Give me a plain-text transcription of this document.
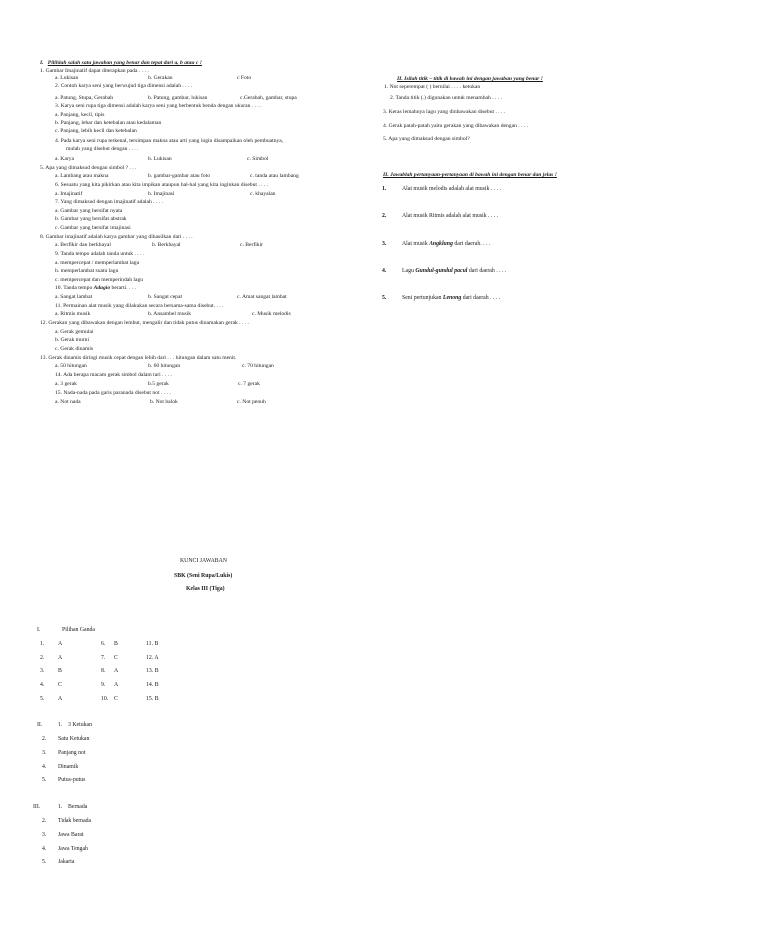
I. Pilihlah salah satu jawaban yang benar dan tepat dari a, b atau c !
1. Gambar Imajinatif dapat diterapkan pada . . . .
a. Lukisan	b. Gerakan	c Foto
2. Contoh karya seni yang berwujud tiga dimensi adalah . . . .
a. Patung, Stupa, Gerabah	b. Patung, gambar, lukisan	c.Gerabah, gambar, stupa
3. Karya seni rupa tiga dimensi adalah karya seni yang berbentuk benda dengan ukuran . . . .
a. Panjang, kecil, tipis
b. Panjang, lebar dan ketebalan atau kedalaman
c. Panjang, lebih kecil dan ketebalan
4. Pada karya seni rupa terkenal, tersimpan makna atau arti yang ingin disampaikan oleh pembuatnya,
mulah yang disebut dengan . . . .
a. Karya	b. Lukisan	c. Simbol
5. Apa yang dimaksud dengan simbol ? . . .
a. Lambang atau makna	b. gambar-gambar atau foto	c. tanda atau lambang
6. Sesuatu yang kita pikirkan atau kita impikan ataupun hal-hal yang kita inginkan disebut . . . .
a. Imajinatif	b. Imajinasi	c. khayalan
7. Yang dimaksud dengan imajinatif adalah . . . .
a. Gambar yang bersifat nyata
b. Gambar yang bersifat abstrak
c. Gambar yang bersifat imajinasi
8. Gambar imajinatif adalah karya gambar yang dihasilkan dari . . . .
a. Berfikir dan berkhayal	b. Berkhayal	c. Berfikir
9. Tanda tempo adalah tanda untuk . . . .
a. mempercepat / memperlambat lagu
b. memperlambat suatu lagu
c. mempercepat dan memperindah lagu
10. Tanda tempo Adagio berarti. . . .
a. Sangat lambat	b. Sangat cepat	c. Amat sangat lambat
11. Permainan alat musik yang dilakukan secara bersama-sama disebut. . . .
a. Ritmis musik	b. Ansambel musik	c. Musik melodis
12. Gerakan yang dibawakan dengan lembut, mengalir dan tidak putus dinamakan gerak . . . .
a. Gerak gemulai
b. Gerak murni
c. Gerak dinamis
13. Gerak dinamis diringi musik cepat dengan lebih dari . . . hitungan dalam satu menit.
a. 50 hitungan	b. 60 hitungan	c. 70 hitungan
14. Ada berapa macam gerak simbol dalam tari . . . .
a. 3 gerak	b.5 gerak	c. 7 gerak
15. Nada-nada pada garis paranada disebut not . . . .
a. Not nada	b. Not balok	c. Not penuh
II. Isilah titik – titik di bawah ini dengan jawaban yang benar !
1. Not seperempat ( ) bernilai . . . . ketukan
2. Tanda titik (.) digunakan untuk menambah . . . .
3. Keras lemahnya lagu yang dinbawakan disebut . . . .
4. Gerak patah-patah yaitu gerakan yang dibawakan dengan . . . .
5. Apa yang dimaksud dengan simbol?
II. Jawablah pertanyaan-pertanyaan di bawah ini dengan benar dan jelas !
1.	Alat musik melodis adalah alat musik . . . .
2.	Alat musik Ritmis adalah alat musik . . . .
3.	Alat musik Angklung dari daerah. . . .
4.	Lagu Gundul-gundul pacul dari daerah . . . .
5.	Seni pertunjukan Lenong dari daerah . . . .
KUNCI JAWABAN
SBK (Seni Rupa/Lukis)
Kelas III (Tiga)
I.	Pilihan Ganda
1. A	6. B	11. B
2. A	7. C	12. A
3. B	8. A	13. B
4. C	9. A	14. B
5. A	10. C	15. B
II.	1. 3 Ketukan
2. Satu Ketukan
3. Panjang not
4. Dinamik
5. Putus-putus
III.	1. Bernada
2. Tidak bernada
3. Jawa Barat
4. Jawa Tengah
5. Jakarta
